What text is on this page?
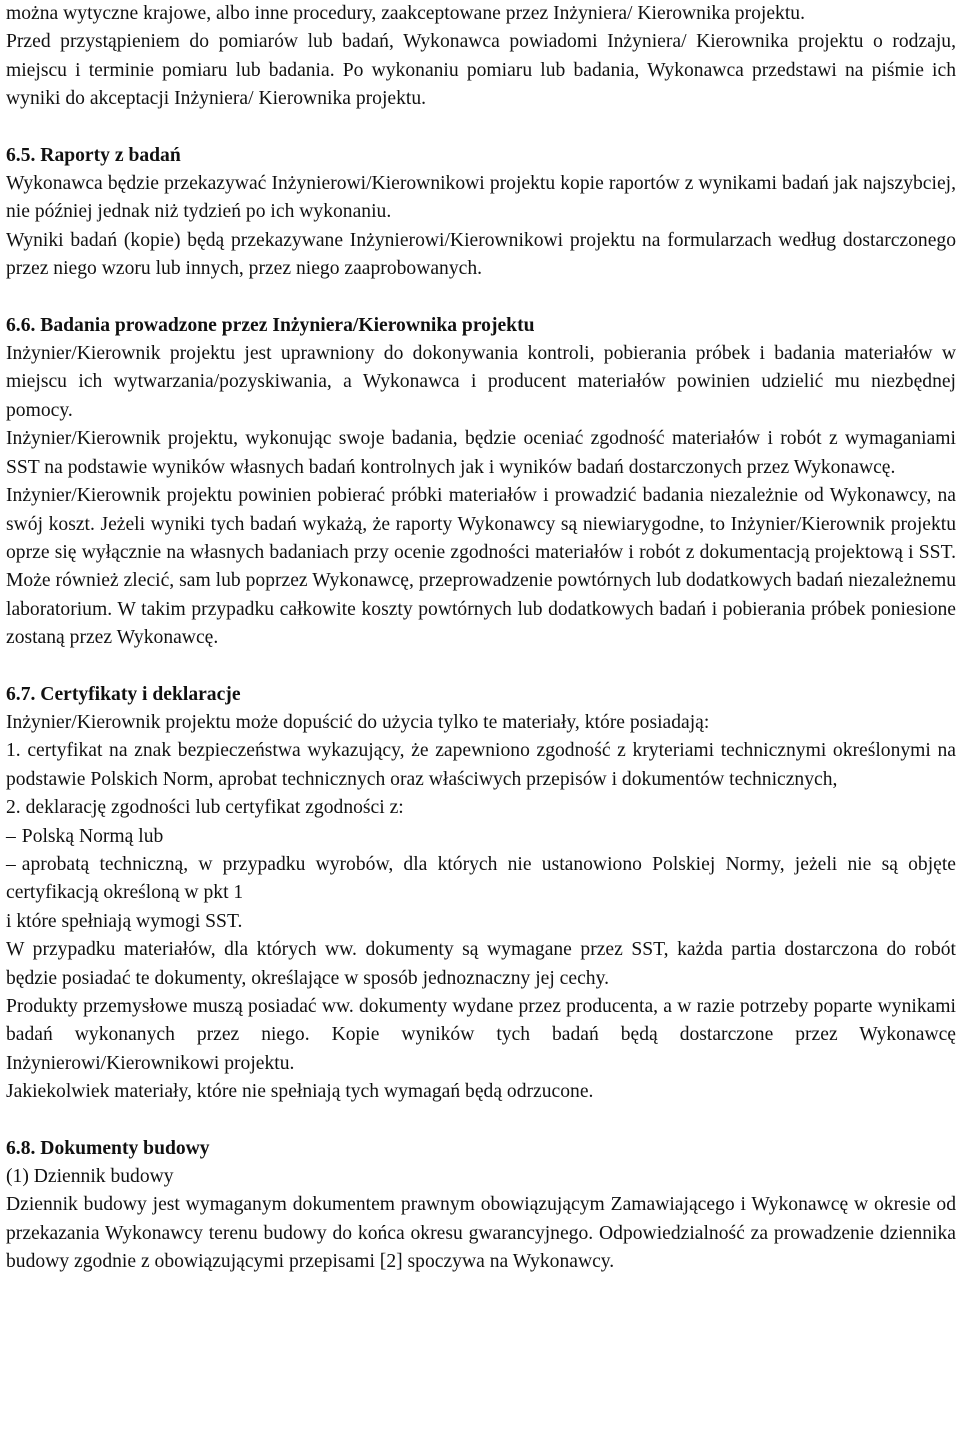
można wytyczne krajowe, albo inne procedury, zaakceptowane przez Inżyniera/ Kierownika projektu.

Przed przystąpieniem do pomiarów lub badań, Wykonawca powiadomi Inżyniera/ Kierownika projektu o rodzaju, miejscu i terminie pomiaru lub badania. Po wykonaniu pomiaru lub badania, Wykonawca przedstawi na piśmie ich wyniki do akceptacji Inżyniera/ Kierownika projektu.

6.5. Raporty z badań

Wykonawca będzie przekazywać Inżynierowi/Kierownikowi projektu kopie raportów z wynikami badań jak najszybciej, nie później jednak niż tydzień po ich wykonaniu.

Wyniki badań (kopie) będą przekazywane Inżynierowi/Kierownikowi projektu na formularzach według dostarczonego przez niego wzoru lub innych, przez niego zaaprobowanych.

6.6. Badania prowadzone przez Inżyniera/Kierownika projektu

Inżynier/Kierownik projektu jest uprawniony do dokonywania kontroli, pobierania próbek i badania materiałów w miejscu ich wytwarzania/pozyskiwania, a Wykonawca i producent materiałów powinien udzielić mu niezbędnej pomocy.

Inżynier/Kierownik projektu, wykonując swoje badania, będzie oceniać zgodność materiałów i robót z wymaganiami SST na podstawie wyników własnych badań kontrolnych jak i wyników badań dostarczonych przez Wykonawcę.

Inżynier/Kierownik projektu powinien pobierać próbki materiałów i prowadzić badania niezależnie od Wykonawcy, na swój koszt. Jeżeli wyniki tych badań wykażą, że raporty Wykonawcy są niewiarygodne, to Inżynier/Kierownik projektu oprze się wyłącznie na własnych badaniach przy ocenie zgodności materiałów i robót z dokumentacją projektową i SST. Może również zlecić, sam lub poprzez Wykonawcę, przeprowadzenie powtórnych lub dodatkowych badań niezależnemu laboratorium. W takim przypadku całkowite koszty powtórnych lub dodatkowych badań i pobierania próbek poniesione zostaną przez Wykonawcę.

6.7. Certyfikaty i deklaracje

Inżynier/Kierownik projektu może dopuścić do użycia tylko te materiały, które posiadają:

1. certyfikat na znak bezpieczeństwa wykazujący, że zapewniono zgodność z kryteriami technicznymi określonymi na podstawie Polskich Norm, aprobat technicznych oraz właściwych przepisów i dokumentów technicznych,

2. deklarację zgodności lub certyfikat zgodności z:

– Polską Normą lub

– aprobatą techniczną, w przypadku wyrobów, dla których nie ustanowiono Polskiej Normy, jeżeli nie są objęte certyfikacją określoną w pkt 1

i które spełniają wymogi SST.

W przypadku materiałów, dla których ww. dokumenty są wymagane przez SST, każda partia dostarczona do robót będzie posiadać te dokumenty, określające w sposób jednoznaczny jej cechy.

Produkty przemysłowe muszą posiadać ww. dokumenty wydane przez producenta, a w razie potrzeby poparte wynikami badań wykonanych przez niego. Kopie wyników tych badań będą dostarczone przez Wykonawcę Inżynierowi/Kierownikowi projektu.

Jakiekolwiek materiały, które nie spełniają tych wymagań będą odrzucone.

6.8. Dokumenty budowy

(1) Dziennik budowy

Dziennik budowy jest wymaganym dokumentem prawnym obowiązującym Zamawiającego i Wykonawcę w okresie od przekazania Wykonawcy terenu budowy do końca okresu gwarancyjnego. Odpowiedzialność za prowadzenie dziennika budowy zgodnie z obowiązującymi przepisami [2] spoczywa na Wykonawcy.
